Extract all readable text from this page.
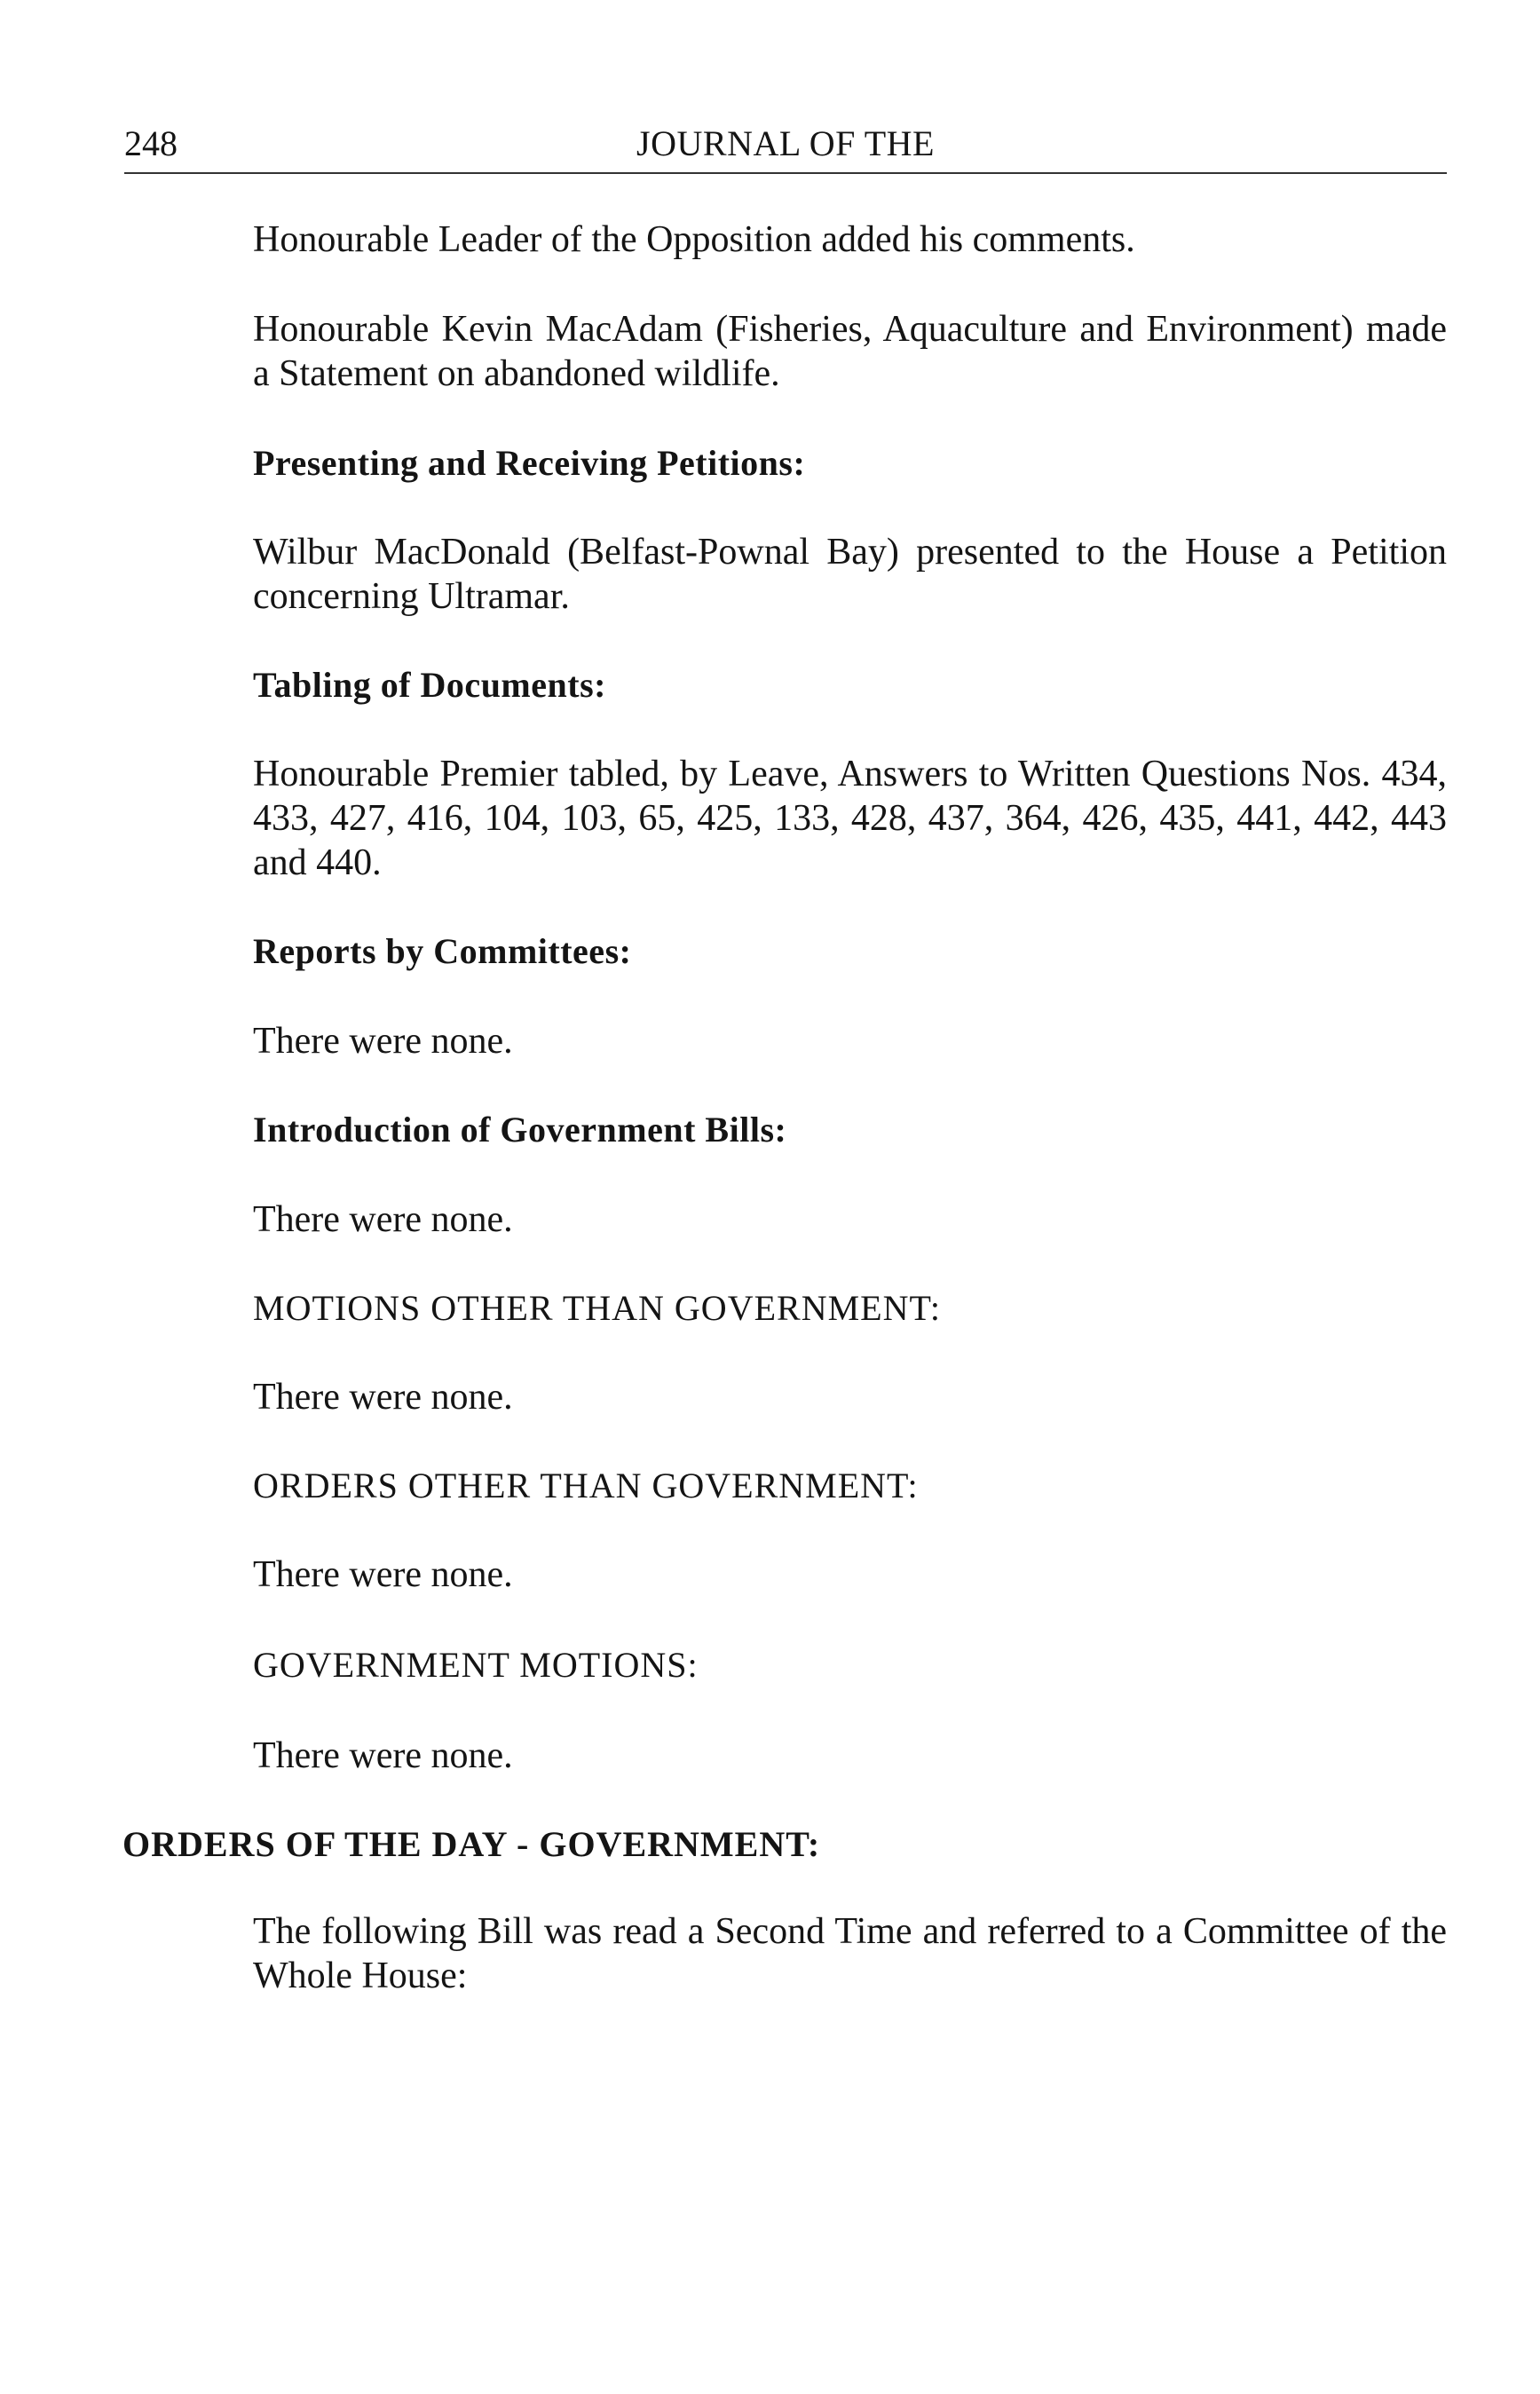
248	JOURNAL OF THE

Honourable Leader of the Opposition added his comments.

Honourable Kevin MacAdam (Fisheries, Aquaculture and Environment) made a Statement on abandoned wildlife.

Presenting and Receiving Petitions:

Wilbur MacDonald (Belfast-Pownal Bay) presented to the House a Petition concerning Ultramar.

Tabling of Documents:

Honourable Premier tabled, by Leave, Answers to Written Questions Nos. 434, 433, 427, 416, 104, 103, 65, 425, 133, 428, 437, 364, 426, 435, 441, 442, 443 and 440.

Reports by Committees:

There were none.

Introduction of Government Bills:

There were none.

MOTIONS OTHER THAN GOVERNMENT:

There were none.

ORDERS OTHER THAN GOVERNMENT:

There were none.

GOVERNMENT MOTIONS:

There were none.

ORDERS OF THE DAY - GOVERNMENT:

The following Bill was read a Second Time and referred to a Committee of the Whole House:
